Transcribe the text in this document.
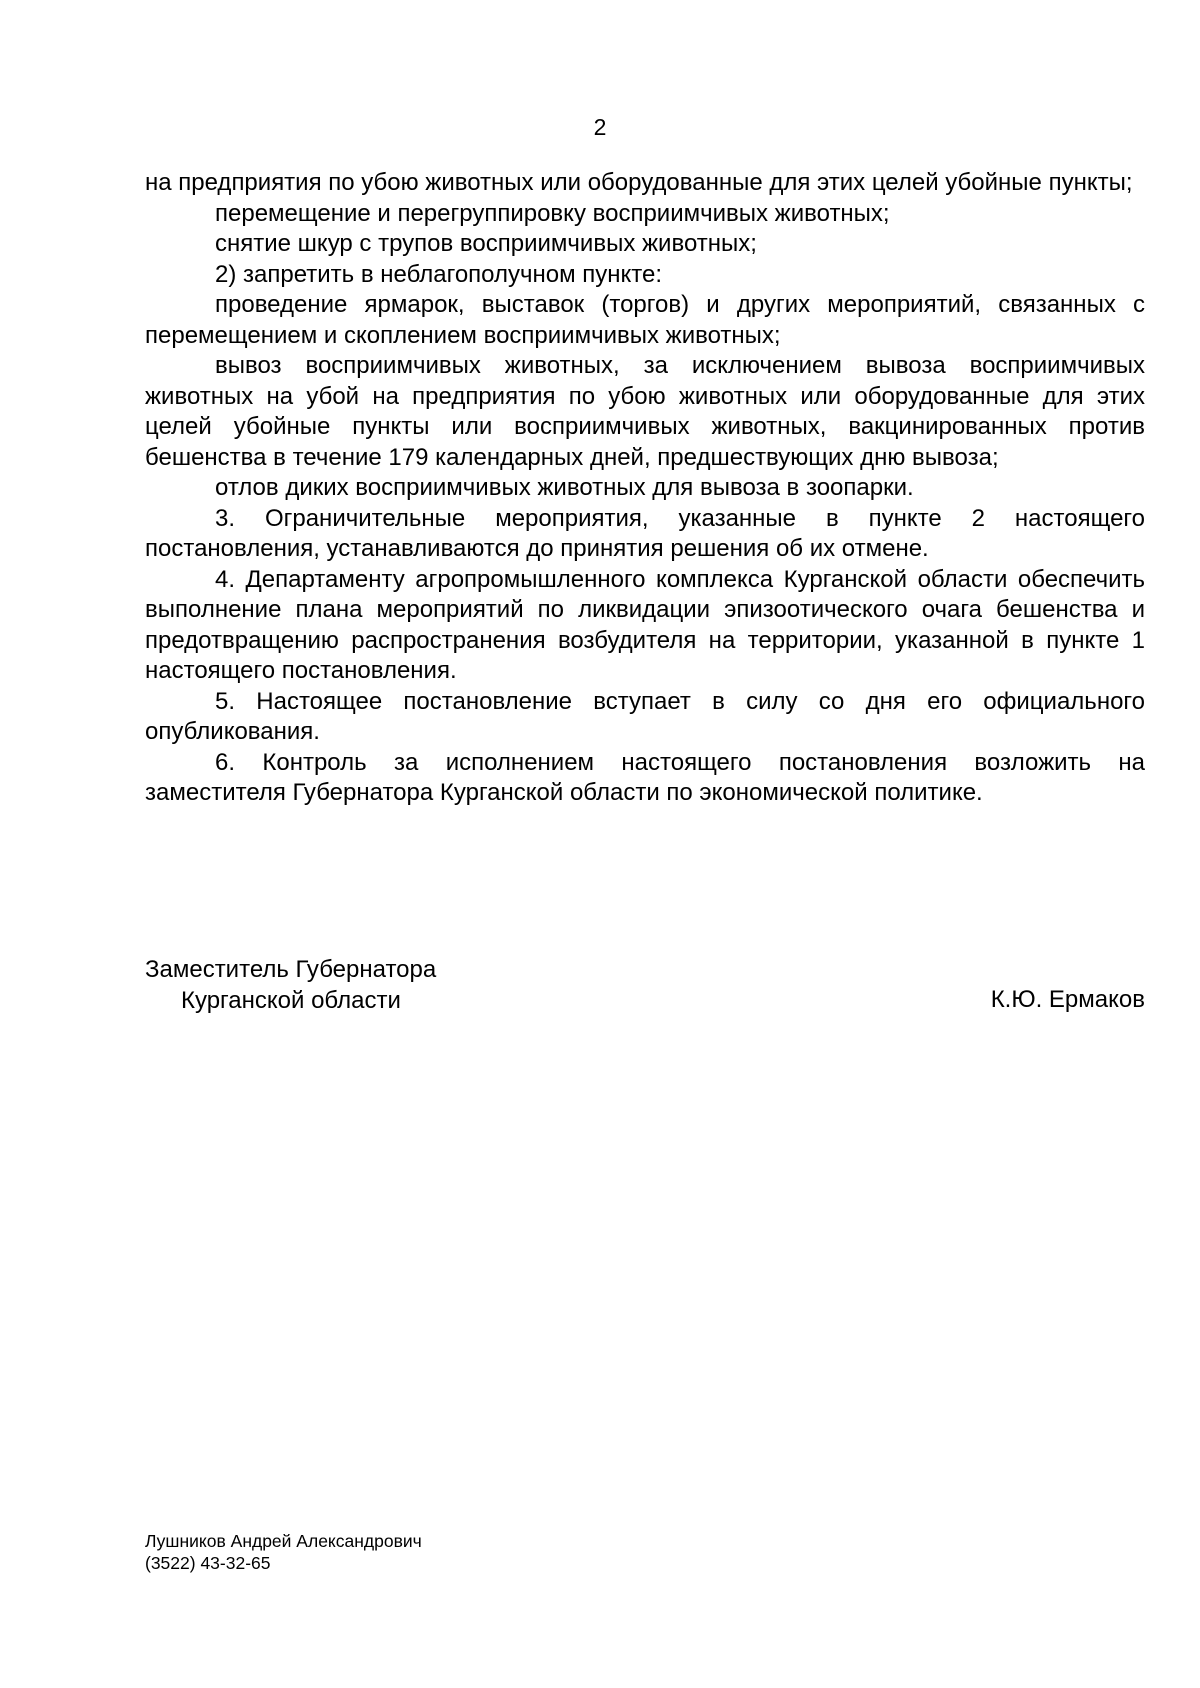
2

на предприятия по убою животных или оборудованные для этих целей убойные пункты;

перемещение и перегруппировку восприимчивых животных;

снятие шкур с трупов восприимчивых животных;

2) запретить в неблагополучном пункте:

проведение ярмарок, выставок (торгов) и других мероприятий, связанных с перемещением и скоплением восприимчивых животных;

вывоз восприимчивых животных, за исключением вывоза восприимчивых животных на убой на предприятия по убою животных или оборудованные для этих целей убойные пункты или восприимчивых животных, вакцинированных против бешенства в течение 179 календарных дней, предшествующих дню вывоза;

отлов диких восприимчивых животных для вывоза в зоопарки.

3. Ограничительные мероприятия, указанные в пункте 2 настоящего постановления, устанавливаются до принятия решения об их отмене.

4. Департаменту агропромышленного комплекса Курганской области обеспечить выполнение плана мероприятий по ликвидации эпизоотического очага бешенства и предотвращению распространения возбудителя на территории, указанной в пункте 1 настоящего постановления.

5. Настоящее постановление вступает в силу со дня его официального опубликования.

6. Контроль за исполнением настоящего постановления возложить на заместителя Губернатора Курганской области по экономической политике.

Заместитель Губернатора
Курганской области	К.Ю. Ермаков
Лушников Андрей Александрович
(3522) 43-32-65
